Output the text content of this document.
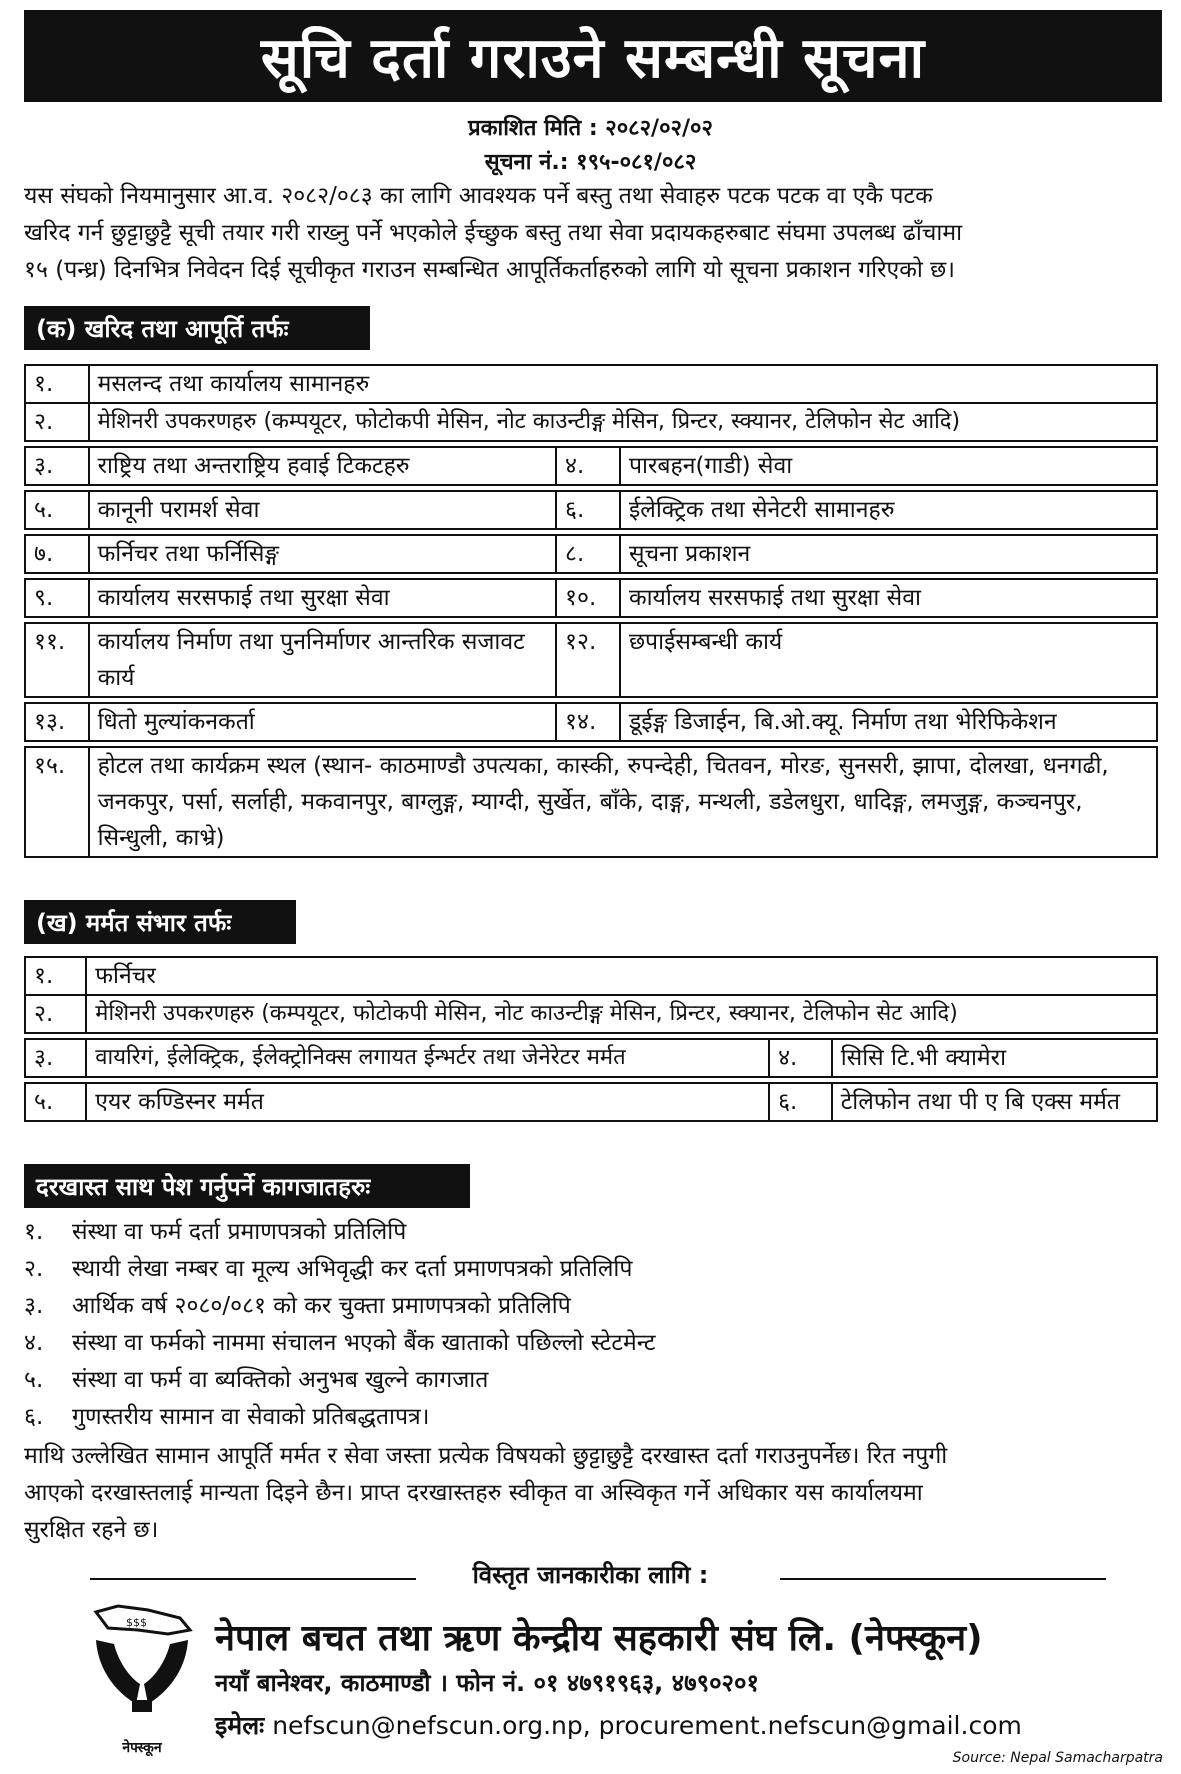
सूचि दर्ता गराउने सम्बन्धी सूचना
प्रकाशित मिति : २०८२/०२/०२
सूचना नं.: १९५-०८१/०८२
यस संघको नियमानुसार आ.व. २०८२/०८३ का लागि आवश्यक पर्ने बस्तु तथा सेवाहरु पटक पटक वा एकै पटक
खरिद गर्न छुट्टाछुट्टै सूची तयार गरी राख्नु पर्ने भएकोले ईच्छुक बस्तु तथा सेवा प्रदायकहरुबाट संघमा उपलब्ध ढाँचामा
१५ (पन्ध्र) दिनभित्र निवेदन दिई सूचीकृत गराउन सम्बन्धित आपूर्तिकर्ताहरुको लागि यो सूचना प्रकाशन गरिएको छ।
(क) खरिद तथा आपूर्ति तर्फः
१.	मसलन्द तथा कार्यालय सामानहरु		
२.	मेशिनरी उपकरणहरु (कम्पयूटर, फोटोकपी मेसिन, नोट काउन्टीङ्ग मेसिन, प्रिन्टर, स्क्यानर, टेलिफोन सेट आदि)		

३.	राष्ट्रिय तथा अन्तराष्ट्रिय हवाई टिकटहरु	४.	पारबहन(गाडी) सेवा

५.	कानूनी परामर्श सेवा	६.	ईलेक्ट्रिक तथा सेनेटरी सामानहरु

७.	फर्निचर तथा फर्निसिङ्ग	८.	सूचना प्रकाशन

९.	कार्यालय सरसफाई तथा सुरक्षा सेवा	१०.	कार्यालय सरसफाई तथा सुरक्षा सेवा

११.	कार्यालय निर्माण तथा पुननिर्माणर आन्तरिक सजावट कार्य	१२.	छपाईसम्बन्धी कार्य

१३.	धितो मुल्यांकनकर्ता	१४.	डूईङ्ग डिजाईन, बि.ओ.क्यू. निर्माण तथा भेरिफिकेशन

१५.	होटल तथा कार्यक्रम स्थल (स्थान- काठमाण्डौ उपत्यका, कास्की, रुपन्देही, चितवन, मोरङ, सुनसरी, झापा, दोलखा, धनगढी, जनकपुर, पर्सा, सर्लाही, मकवानपुर, बाग्लुङ्ग, म्याग्दी, सुर्खेत, बाँके, दाङ्ग, मन्थली, डडेलधुरा, धादिङ्ग, लमजुङ्ग, कञ्चनपुर, सिन्धुली, काभ्रे)		
(ख) मर्मत संभार तर्फः
१.	फर्निचर		
२.	मेशिनरी उपकरणहरु (कम्पयूटर, फोटोकपी मेसिन, नोट काउन्टीङ्ग मेसिन, प्रिन्टर, स्क्यानर, टेलिफोन सेट आदि)		

३.	वायरिगं, ईलेक्ट्रिक, ईलेक्ट्रोनिक्स लगायत ईन्भर्टर तथा जेनेरेटर मर्मत	४.	सिसि टि.भी क्यामेरा

५.	एयर कण्डिस्नर मर्मत	६.	टेलिफोन तथा पी ए बि एक्स मर्मत
दरखास्त साथ पेश गर्नुपर्ने कागजातहरुः
१.	संस्था वा फर्म दर्ता प्रमाणपत्रको प्रतिलिपि
२.	स्थायी लेखा नम्बर वा मूल्य अभिवृद्धी कर दर्ता प्रमाणपत्रको प्रतिलिपि
३.	आर्थिक वर्ष २०८०/०८१ को कर चुक्ता प्रमाणपत्रको प्रतिलिपि
४.	संस्था वा फर्मको नाममा संचालन भएको बैंक खाताको पछिल्लो स्टेटमेन्ट
५.	संस्था वा फर्म वा ब्यक्तिको अनुभब खुल्ने कागजात
६.	गुणस्तरीय सामान वा सेवाको प्रतिबद्धतापत्र।
माथि उल्लेखित सामान आपूर्ति मर्मत र सेवा जस्ता प्रत्येक विषयको छुट्टाछुट्टै दरखास्त दर्ता गराउनुपर्नेछ। रित नपुगी
आएको दरखास्तलाई मान्यता दिइने छैन। प्राप्त दरखास्तहरु स्वीकृत वा अस्विकृत गर्ने अधिकार यस कार्यालयमा
सुरक्षित रहने छ।
विस्तृत जानकारीका लागि :
$$$
नेफ्स्कून
नेपाल बचत तथा ऋण केन्द्रीय सहकारी संघ लि. (नेफ्स्कून)
नयाँ बानेश्वर, काठमाण्डौ । फोन नं. ०१ ४७९१९६३, ४७९०२०१
इमेलः nefscun@nefscun.org.np, procurement.nefscun@gmail.com
Source: Nepal Samacharpatra
